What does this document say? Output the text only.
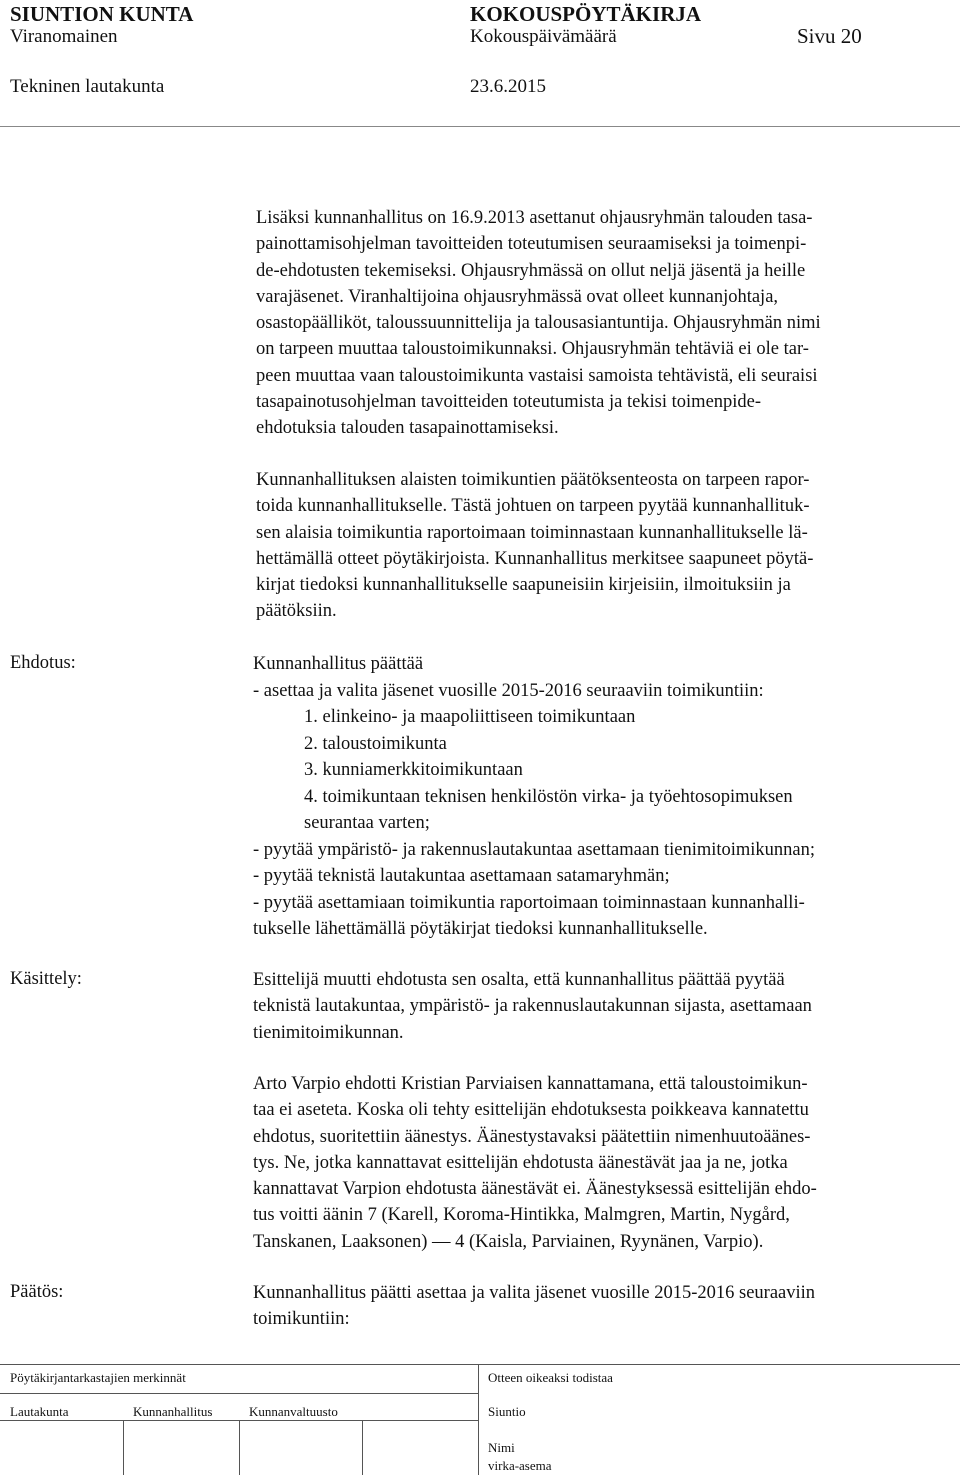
SIUNTION KUNTA	KOKOUSPÖYTÄKIRJA
Viranomainen	Kokouspäivämäärä	Sivu 20
Tekninen lautakunta	23.6.2015
Lisäksi kunnanhallitus on 16.9.2013 asettanut ohjausryhmän talouden tasa-
painottamisohjelman tavoitteiden toteutumisen seuraamiseksi ja toimenpi-
de-ehdotusten tekemiseksi. Ohjausryhmässä on ollut neljä jäsentä ja heille
varajäsenet. Viranhaltijoina ohjausryhmässä ovat olleet kunnanjohtaja,
osastopäälliköt, taloussuunnittelija ja talousasiantuntija. Ohjausryhmän nimi
on tarpeen muuttaa taloustoimikunnaksi. Ohjausryhmän tehtäviä ei ole tar-
peen muuttaa vaan taloustoimikunta vastaisi samoista tehtävistä, eli seuraisi
tasapainotusohjelman tavoitteiden toteutumista ja tekisi toimenpide-
ehdotuksia talouden tasapainottamiseksi.
Kunnanhallituksen alaisten toimikuntien päätöksenteosta on tarpeen rapor-
toida kunnanhallitukselle. Tästä johtuen on tarpeen pyytää kunnanhallituk-
sen alaisia toimikuntia raportoimaan toiminnastaan kunnanhallitukselle lä-
hettämällä otteet pöytäkirjoista. Kunnanhallitus merkitsee saapuneet pöytä-
kirjat tiedoksi kunnanhallitukselle saapuneisiin kirjeisiin, ilmoituksiin ja
päätöksiin.
Ehdotus:	Kunnanhallitus päättää
- asettaa ja valita jäsenet vuosille 2015-2016 seuraaviin toimikuntiin:
1. elinkeino- ja maapoliittiseen toimikuntaan
2. taloustoimikunta
3. kunniamerkkitoimikuntaan
4. toimikuntaan teknisen henkilöstön virka- ja työehtosopimuksen
seurantaa varten;
- pyytää ympäristö- ja rakennuslautakuntaa asettamaan tienimitoimikunnan;
- pyytää teknistä lautakuntaa asettamaan satamaryhmän;
- pyytää asettamiaan toimikuntia raportoimaan toiminnastaan kunnanhalli-
tukselle lähettämällä pöytäkirjat tiedoksi kunnanhallitukselle.
Käsittely:	Esittelijä muutti ehdotusta sen osalta, että kunnanhallitus päättää pyytää
teknistä lautakuntaa, ympäristö- ja rakennuslautakunnan sijasta, asettamaan
tienimitoimikunnan.
Arto Varpio ehdotti Kristian Parviaisen kannattamana, että taloustoimikun-
taa ei aseteta. Koska oli tehty esittelijän ehdotuksesta poikkeava kannatettu
ehdotus, suoritettiin äänestys. Äänestystavaksi päätettiin nimenhuutoäänes-
tys. Ne, jotka kannattavat esittelijän ehdotusta äänestävät jaa ja ne, jotka
kannattavat Varpion ehdotusta äänestävät ei. Äänestyksessä esittelijän ehdo-
tus voitti äänin 7 (Karell, Koroma-Hintikka, Malmgren, Martin, Nygård,
Tanskanen, Laaksonen) — 4 (Kaisla, Parviainen, Ryynänen, Varpio).
Päätös:	Kunnanhallitus päätti asettaa ja valita jäsenet vuosille 2015-2016 seuraaviin
toimikuntiin:
Pöytäkirjantarkastajien merkinnät
Lautakunta	Kunnanhallitus	Kunnanvaltuusto
Otteen oikeaksi todistaa
Siuntio
Nimi
virka-asema
